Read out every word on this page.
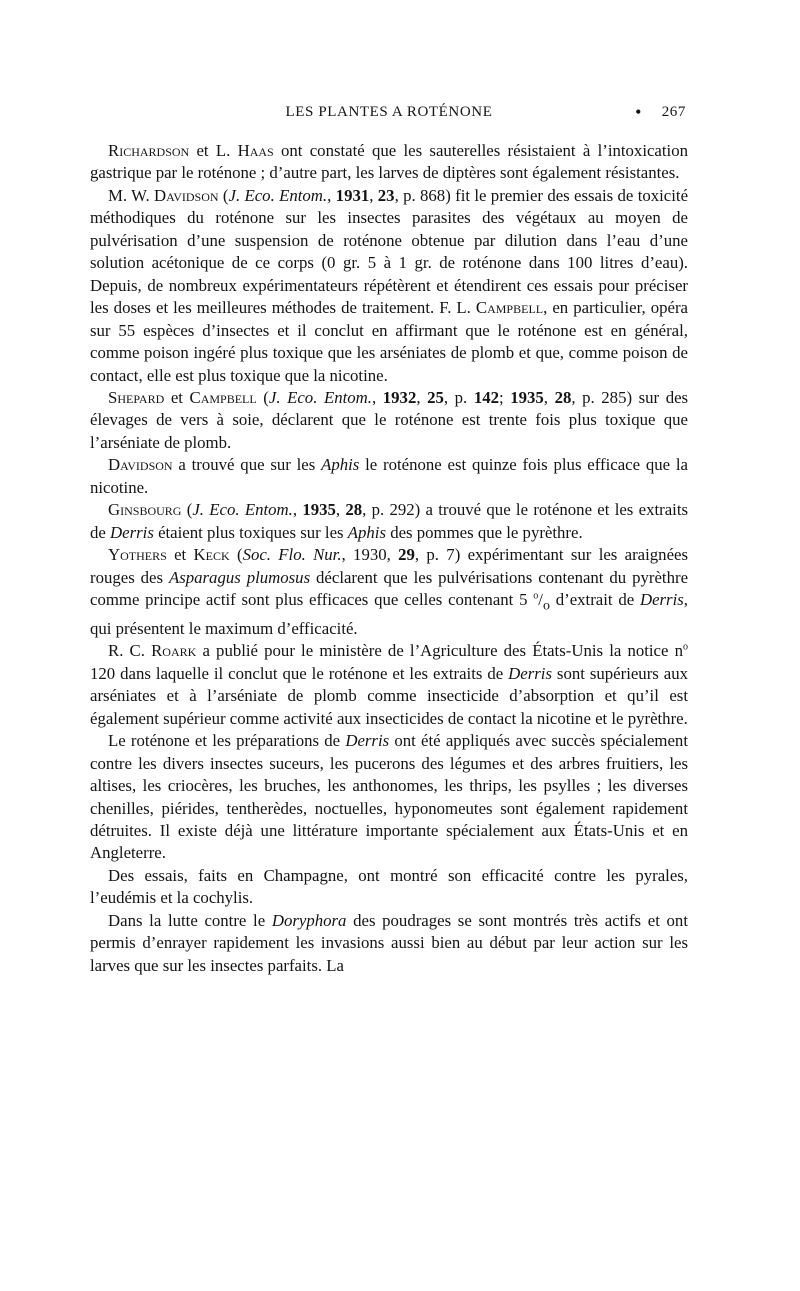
LES PLANTES A ROTÉNONE	• 267

Richardson et L. Haas ont constaté que les sauterelles résistaient à l’intoxication gastrique par le roténone ; d’autre part, les larves de diptères sont également résistantes.

M. W. Davidson (J. Eco. Entom., 1931, 23, p. 868) fit le premier des essais de toxicité méthodiques du roténone sur les insectes parasites des végétaux au moyen de pulvérisation d’une suspension de roténone obtenue par dilution dans l’eau d’une solution acétonique de ce corps (0 gr. 5 à 1 gr. de roténone dans 100 litres d’eau). Depuis, de nombreux expérimentateurs répétèrent et étendirent ces essais pour préciser les doses et les meilleures méthodes de traitement. F. L. Campbell, en particulier, opéra sur 55 espèces d’insectes et il conclut en affirmant que le roténone est en général, comme poison ingéré plus toxique que les arséniates de plomb et que, comme poison de contact, elle est plus toxique que la nicotine.

Shepard et Campbell (J. Eco. Entom., 1932, 25, p. 142; 1935, 28, p. 285) sur des élevages de vers à soie, déclarent que le roténone est trente fois plus toxique que l’arséniate de plomb.

Davidson a trouvé que sur les Aphis le roténone est quinze fois plus efficace que la nicotine.

Ginsbourg (J. Eco. Entom., 1935, 28, p. 292) a trouvé que le roténone et les extraits de Derris étaient plus toxiques sur les Aphis des pommes que le pyrèthre.

Yothers et Keck (Soc. Flo. Nur., 1930, 29, p. 7) expérimentant sur les araignées rouges des Asparagus plumosus déclarent que les pulvérisations contenant du pyrèthre comme principe actif sont plus efficaces que celles contenant 5 $^o/_o$ d’extrait de Derris, qui présentent le maximum d’efficacité.

R. C. Roark a publié pour le ministère de l’Agriculture des États-Unis la notice $n^o$ 120 dans laquelle il conclut que le roténone et les extraits de Derris sont supérieurs aux arséniates et à l’arséniate de plomb comme insecticide d’absorption et qu’il est également supérieur comme activité aux insecticides de contact la nicotine et le pyrèthre.

Le roténone et les préparations de Derris ont été appliqués avec succès spécialement contre les divers insectes suceurs, les pucerons des légumes et des arbres fruitiers, les altises, les criocères, les bruches, les anthonomes, les thrips, les psylles ; les diverses chenilles, piérides, tentherèdes, noctuelles, hyponomeutes sont également rapidement détruites. Il existe déjà une littérature importante spécialement aux États-Unis et en Angleterre.

Des essais, faits en Champagne, ont montré son efficacité contre les pyrales, l’eudémis et la cochylis.

Dans la lutte contre le Doryphora des poudrages se sont montrés très actifs et ont permis d’enrayer rapidement les invasions aussi bien au début par leur action sur les larves que sur les insectes parfaits. La
